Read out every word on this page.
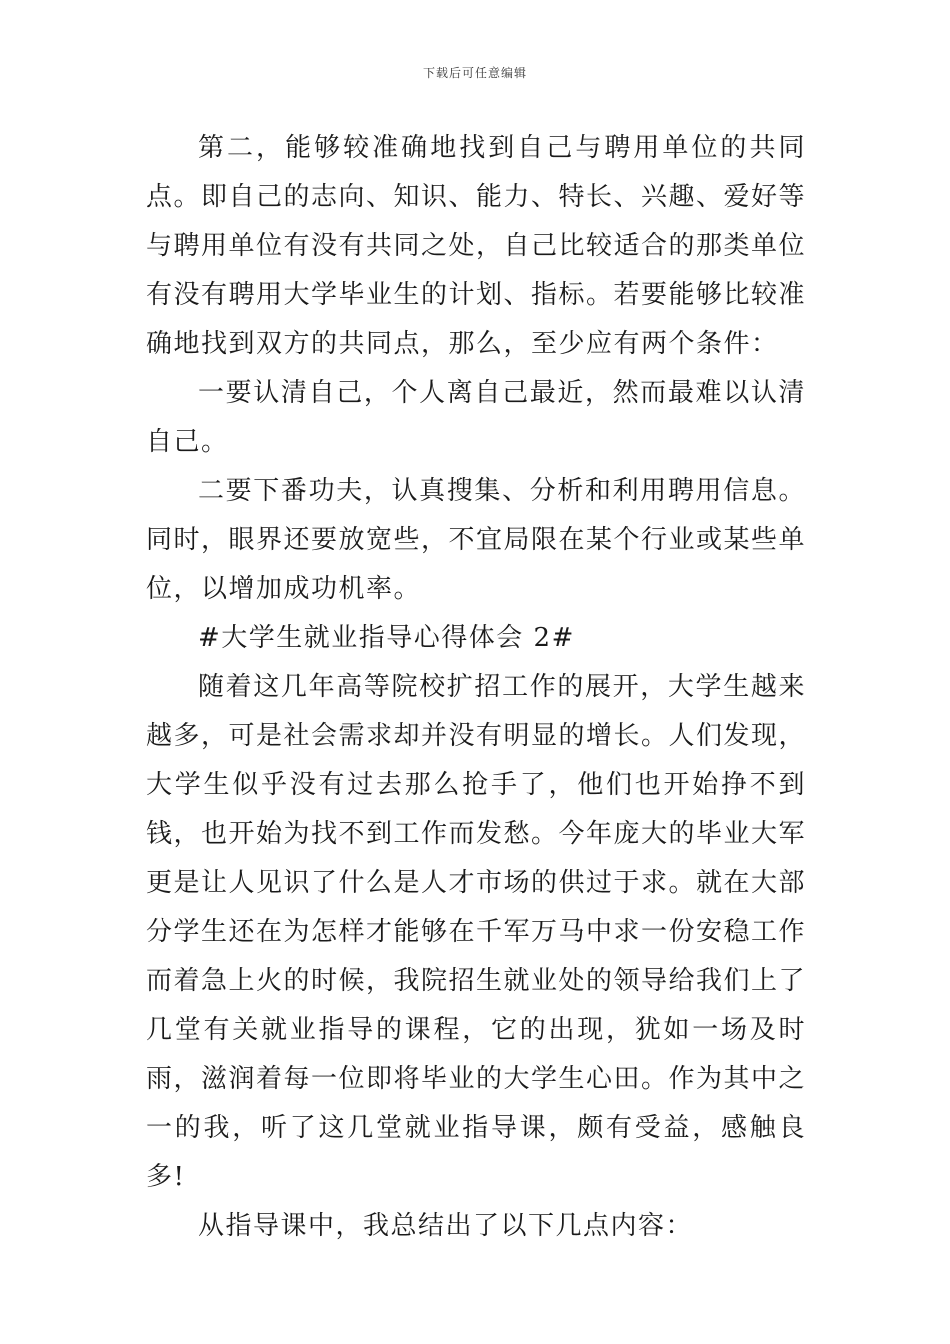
下载后可任意编辑

第二，能够较准确地找到自己与聘用单位的共同点。即自己的志向、知识、能力、特长、兴趣、爱好等与聘用单位有没有共同之处，自己比较适合的那类单位有没有聘用大学毕业生的计划、指标。若要能够比较准确地找到双方的共同点，那么，至少应有两个条件：

一要认清自己，个人离自己最近，然而最难以认清自己。

二要下番功夫，认真搜集、分析和利用聘用信息。同时，眼界还要放宽些，不宜局限在某个行业或某些单位，以增加成功机率。

#大学生就业指导心得体会 2#

随着这几年高等院校扩招工作的展开，大学生越来越多，可是社会需求却并没有明显的增长。人们发现，大学生似乎没有过去那么抢手了，他们也开始挣不到钱，也开始为找不到工作而发愁。今年庞大的毕业大军更是让人见识了什么是人才市场的供过于求。就在大部分学生还在为怎样才能够在千军万马中求一份安稳工作而着急上火的时候，我院招生就业处的领导给我们上了几堂有关就业指导的课程，它的出现，犹如一场及时雨，滋润着每一位即将毕业的大学生心田。作为其中之一的我，听了这几堂就业指导课，颇有受益，感触良多!

从指导课中，我总结出了以下几点内容：
